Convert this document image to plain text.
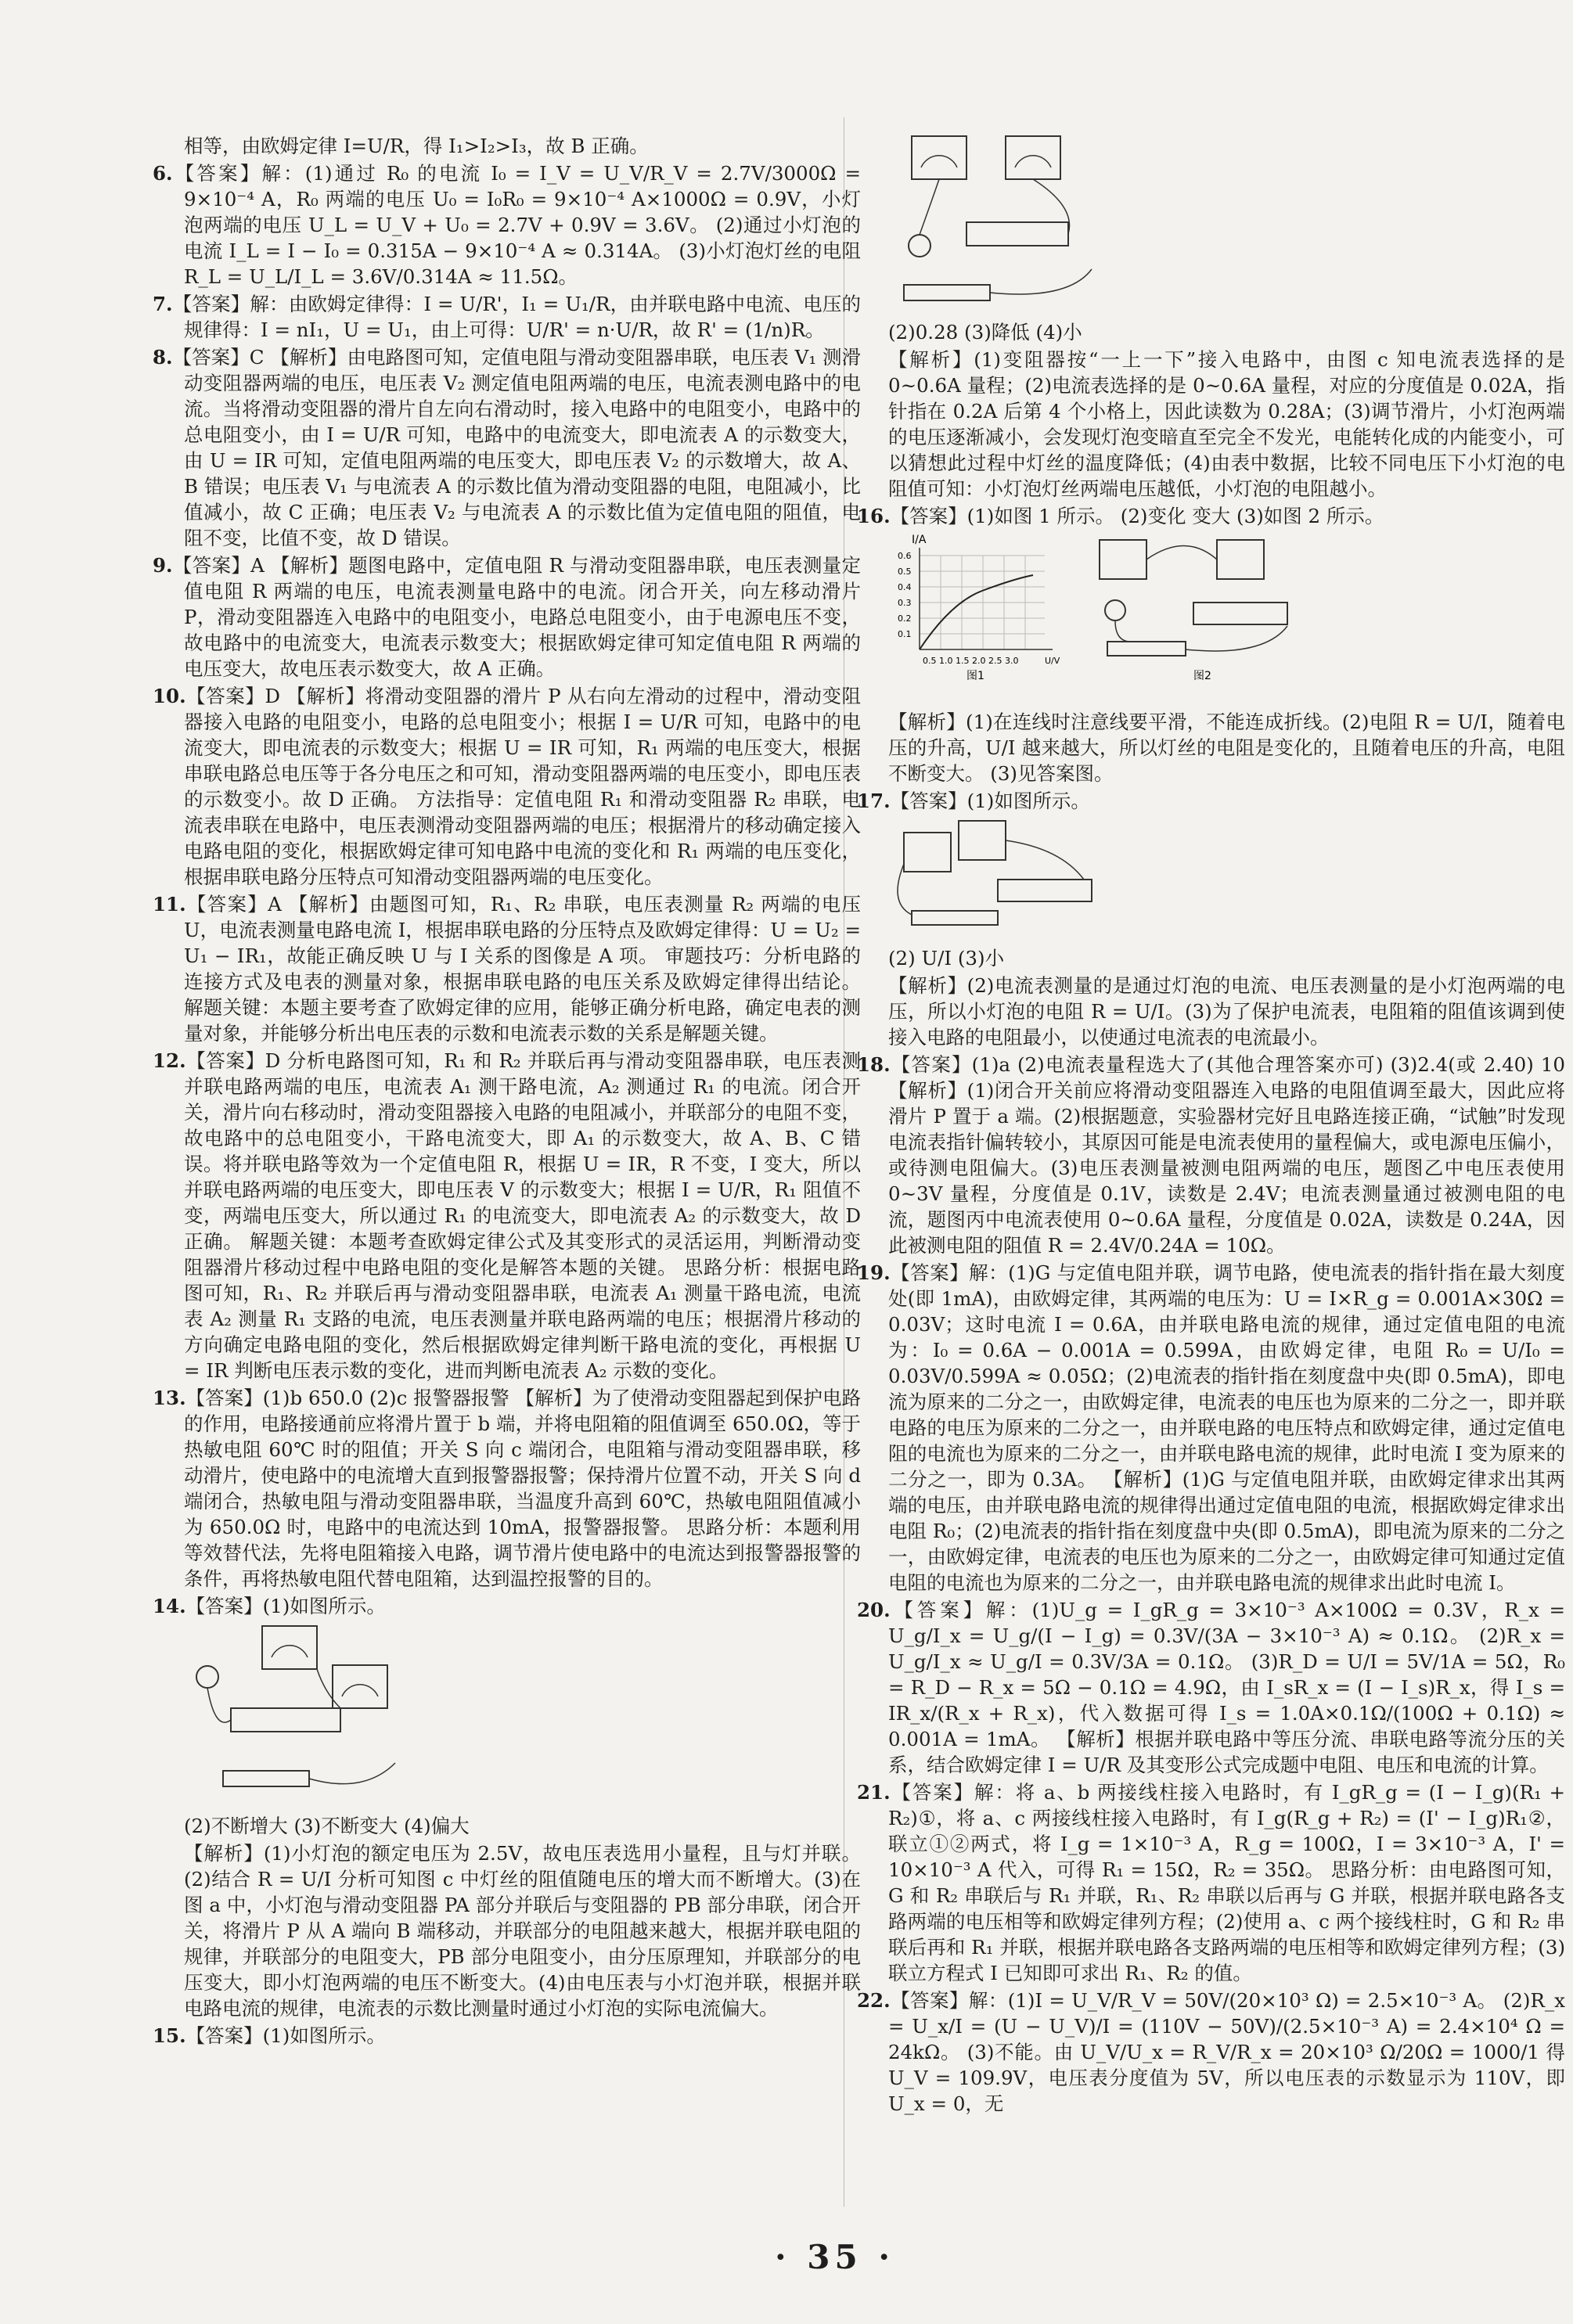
相等，由欧姆定律 I=U/R，得 I₁>I₂>I₃，故 B 正确。

6.【答案】解：(1)通过 R₀ 的电流 I₀ = I_V = U_V/R_V = 2.7V/3000Ω = 9×10⁻⁴ A，R₀ 两端的电压 U₀ = I₀R₀ = 9×10⁻⁴ A×1000Ω = 0.9V，小灯泡两端的电压 U_L = U_V + U₀ = 2.7V + 0.9V = 3.6V。 (2)通过小灯泡的电流 I_L = I − I₀ = 0.315A − 9×10⁻⁴ A ≈ 0.314A。 (3)小灯泡灯丝的电阻 R_L = U_L/I_L = 3.6V/0.314A ≈ 11.5Ω。

7.【答案】解：由欧姆定律得：I = U/R'，I₁ = U₁/R，由并联电路中电流、电压的规律得：I = nI₁，U = U₁，由上可得：U/R' = n·U/R，故 R' = (1/n)R。

8.【答案】C 【解析】由电路图可知，定值电阻与滑动变阻器串联，电压表 V₁ 测滑动变阻器两端的电压，电压表 V₂ 测定值电阻两端的电压，电流表测电路中的电流。当将滑动变阻器的滑片自左向右滑动时，接入电路中的电阻变小，电路中的总电阻变小，由 I = U/R 可知，电路中的电流变大，即电流表 A 的示数变大，由 U = IR 可知，定值电阻两端的电压变大，即电压表 V₂ 的示数增大，故 A、B 错误；电压表 V₁ 与电流表 A 的示数比值为滑动变阻器的电阻，电阻减小，比值减小，故 C 正确；电压表 V₂ 与电流表 A 的示数比值为定值电阻的阻值，电阻不变，比值不变，故 D 错误。

9.【答案】A 【解析】题图电路中，定值电阻 R 与滑动变阻器串联，电压表测量定值电阻 R 两端的电压，电流表测量电路中的电流。闭合开关，向左移动滑片 P，滑动变阻器连入电路中的电阻变小，电路总电阻变小，由于电源电压不变，故电路中的电流变大，电流表示数变大；根据欧姆定律可知定值电阻 R 两端的电压变大，故电压表示数变大，故 A 正确。

10.【答案】D 【解析】将滑动变阻器的滑片 P 从右向左滑动的过程中，滑动变阻器接入电路的电阻变小，电路的总电阻变小；根据 I = U/R 可知，电路中的电流变大，即电流表的示数变大；根据 U = IR 可知，R₁ 两端的电压变大，根据串联电路总电压等于各分电压之和可知，滑动变阻器两端的电压变小，即电压表的示数变小。故 D 正确。 方法指导：定值电阻 R₁ 和滑动变阻器 R₂ 串联，电流表串联在电路中，电压表测滑动变阻器两端的电压；根据滑片的移动确定接入电路电阻的变化，根据欧姆定律可知电路中电流的变化和 R₁ 两端的电压变化，根据串联电路分压特点可知滑动变阻器两端的电压变化。

11.【答案】A 【解析】由题图可知，R₁、R₂ 串联，电压表测量 R₂ 两端的电压 U，电流表测量电路电流 I，根据串联电路的分压特点及欧姆定律得：U = U₂ = U₁ − IR₁，故能正确反映 U 与 I 关系的图像是 A 项。 审题技巧：分析电路的连接方式及电表的测量对象，根据串联电路的电压关系及欧姆定律得出结论。 解题关键：本题主要考查了欧姆定律的应用，能够正确分析电路，确定电表的测量对象，并能够分析出电压表的示数和电流表示数的关系是解题关键。

12.【答案】D 分析电路图可知，R₁ 和 R₂ 并联后再与滑动变阻器串联，电压表测并联电路两端的电压，电流表 A₁ 测干路电流，A₂ 测通过 R₁ 的电流。闭合开关，滑片向右移动时，滑动变阻器接入电路的电阻减小，并联部分的电阻不变，故电路中的总电阻变小，干路电流变大，即 A₁ 的示数变大，故 A、B、C 错误。将并联电路等效为一个定值电阻 R，根据 U = IR，R 不变，I 变大，所以并联电路两端的电压变大，即电压表 V 的示数变大；根据 I = U/R，R₁ 阻值不变，两端电压变大，所以通过 R₁ 的电流变大，即电流表 A₂ 的示数变大，故 D 正确。 解题关键：本题考查欧姆定律公式及其变形式的灵活运用，判断滑动变阻器滑片移动过程中电路电阻的变化是解答本题的关键。 思路分析：根据电路图可知，R₁、R₂ 并联后再与滑动变阻器串联，电流表 A₁ 测量干路电流，电流表 A₂ 测量 R₁ 支路的电流，电压表测量并联电路两端的电压；根据滑片移动的方向确定电路电阻的变化，然后根据欧姆定律判断干路电流的变化，再根据 U = IR 判断电压表示数的变化，进而判断电流表 A₂ 示数的变化。

13.【答案】(1)b 650.0 (2)c 报警器报警 【解析】为了使滑动变阻器起到保护电路的作用，电路接通前应将滑片置于 b 端，并将电阻箱的阻值调至 650.0Ω，等于热敏电阻 60℃ 时的阻值；开关 S 向 c 端闭合，电阻箱与滑动变阻器串联，移动滑片，使电路中的电流增大直到报警器报警；保持滑片位置不动，开关 S 向 d 端闭合，热敏电阻与滑动变阻器串联，当温度升高到 60℃，热敏电阻阻值减小为 650.0Ω 时，电路中的电流达到 10mA，报警器报警。 思路分析：本题利用等效替代法，先将电阻箱接入电路，调节滑片使电路中的电流达到报警器报警的条件，再将热敏电阻代替电阻箱，达到温控报警的目的。

14.【答案】(1)如图所示。

(2)不断增大 (3)不断变大 (4)偏大

【解析】(1)小灯泡的额定电压为 2.5V，故电压表选用小量程，且与灯并联。(2)结合 R = U/I 分析可知图 c 中灯丝的阻值随电压的增大而不断增大。(3)在图 a 中，小灯泡与滑动变阻器 PA 部分并联后与变阻器的 PB 部分串联，闭合开关，将滑片 P 从 A 端向 B 端移动，并联部分的电阻越来越大，根据并联电阻的规律，并联部分的电阻变大，PB 部分电阻变小，由分压原理知，并联部分的电压变大，即小灯泡两端的电压不断变大。(4)由电压表与小灯泡并联，根据并联电路电流的规律，电流表的示数比测量时通过小灯泡的实际电流偏大。

15.【答案】(1)如图所示。

(2)0.28 (3)降低 (4)小

【解析】(1)变阻器按“一上一下”接入电路中，由图 c 知电流表选择的是 0~0.6A 量程；(2)电流表选择的是 0~0.6A 量程，对应的分度值是 0.02A，指针指在 0.2A 后第 4 个小格上，因此读数为 0.28A；(3)调节滑片，小灯泡两端的电压逐渐减小，会发现灯泡变暗直至完全不发光，电能转化成的内能变小，可以猜想此过程中灯丝的温度降低；(4)由表中数据，比较不同电压下小灯泡的电阻值可知：小灯泡灯丝两端电压越低，小灯泡的电阻越小。

16.【答案】(1)如图 1 所示。 (2)变化 变大 (3)如图 2 所示。

I/A
0.6
0.5
0.4
0.3
0.2
0.1
0.5 1.0 1.5 2.0 2.5 3.0	U/V
图1	图2

【解析】(1)在连线时注意线要平滑，不能连成折线。(2)电阻 R = U/I，随着电压的升高，U/I 越来越大，所以灯丝的电阻是变化的，且随着电压的升高，电阻不断变大。 (3)见答案图。

17.【答案】(1)如图所示。

(2) U/I (3)小

【解析】(2)电流表测量的是通过灯泡的电流、电压表测量的是小灯泡两端的电压，所以小灯泡的电阻 R = U/I。(3)为了保护电流表，电阻箱的阻值该调到使接入电路的电阻最小，以使通过电流表的电流最小。

18.【答案】(1)a (2)电流表量程选大了(其他合理答案亦可) (3)2.4(或 2.40) 10 【解析】(1)闭合开关前应将滑动变阻器连入电路的电阻值调至最大，因此应将滑片 P 置于 a 端。(2)根据题意，实验器材完好且电路连接正确，“试触”时发现电流表指针偏转较小，其原因可能是电流表使用的量程偏大，或电源电压偏小，或待测电阻偏大。(3)电压表测量被测电阻两端的电压，题图乙中电压表使用 0~3V 量程，分度值是 0.1V，读数是 2.4V；电流表测量通过被测电阻的电流，题图丙中电流表使用 0~0.6A 量程，分度值是 0.02A，读数是 0.24A，因此被测电阻的阻值 R = 2.4V/0.24A = 10Ω。

19.【答案】解：(1)G 与定值电阻并联，调节电路，使电流表的指针指在最大刻度处(即 1mA)，由欧姆定律，其两端的电压为：U = I×R_g = 0.001A×30Ω = 0.03V；这时电流 I = 0.6A，由并联电路电流的规律，通过定值电阻的电流为：I₀ = 0.6A − 0.001A = 0.599A，由欧姆定律，电阻 R₀ = U/I₀ = 0.03V/0.599A ≈ 0.05Ω；(2)电流表的指针指在刻度盘中央(即 0.5mA)，即电流为原来的二分之一，由欧姆定律，电流表的电压也为原来的二分之一，即并联电路的电压为原来的二分之一，由并联电路的电压特点和欧姆定律，通过定值电阻的电流也为原来的二分之一，由并联电路电流的规律，此时电流 I 变为原来的二分之一，即为 0.3A。 【解析】(1)G 与定值电阻并联，由欧姆定律求出其两端的电压，由并联电路电流的规律得出通过定值电阻的电流，根据欧姆定律求出电阻 R₀；(2)电流表的指针指在刻度盘中央(即 0.5mA)，即电流为原来的二分之一，由欧姆定律，电流表的电压也为原来的二分之一，由欧姆定律可知通过定值电阻的电流也为原来的二分之一，由并联电路电流的规律求出此时电流 I。

20.【答案】解：(1)U_g = I_gR_g = 3×10⁻³ A×100Ω = 0.3V，R_x = U_g/I_x = U_g/(I − I_g) = 0.3V/(3A − 3×10⁻³ A) ≈ 0.1Ω。 (2)R_x = U_g/I_x ≈ U_g/I = 0.3V/3A = 0.1Ω。 (3)R_D = U/I = 5V/1A = 5Ω，R₀ = R_D − R_x = 5Ω − 0.1Ω = 4.9Ω，由 I_sR_x = (I − I_s)R_x，得 I_s = IR_x/(R_x + R_x)，代入数据可得 I_s = 1.0A×0.1Ω/(100Ω + 0.1Ω) ≈ 0.001A = 1mA。 【解析】根据并联电路中等压分流、串联电路等流分压的关系，结合欧姆定律 I = U/R 及其变形公式完成题中电阻、电压和电流的计算。

21.【答案】解：将 a、b 两接线柱接入电路时，有 I_gR_g = (I − I_g)(R₁ + R₂)①，将 a、c 两接线柱接入电路时，有 I_g(R_g + R₂) = (I' − I_g)R₁②，联立①②两式，将 I_g = 1×10⁻³ A，R_g = 100Ω，I = 3×10⁻³ A，I' = 10×10⁻³ A 代入，可得 R₁ = 15Ω，R₂ = 35Ω。 思路分析：由电路图可知，G 和 R₂ 串联后与 R₁ 并联，R₁、R₂ 串联以后再与 G 并联，根据并联电路各支路两端的电压相等和欧姆定律列方程；(2)使用 a、c 两个接线柱时，G 和 R₂ 串联后再和 R₁ 并联，根据并联电路各支路两端的电压相等和欧姆定律列方程；(3)联立方程式 I 已知即可求出 R₁、R₂ 的值。

22.【答案】解：(1)I = U_V/R_V = 50V/(20×10³ Ω) = 2.5×10⁻³ A。 (2)R_x = U_x/I = (U − U_V)/I = (110V − 50V)/(2.5×10⁻³ A) = 2.4×10⁴ Ω = 24kΩ。 (3)不能。由 U_V/U_x = R_V/R_x = 20×10³ Ω/20Ω = 1000/1 得 U_V = 109.9V，电压表分度值为 5V，所以电压表的示数显示为 110V，即 U_x = 0，无

· 35 ·
